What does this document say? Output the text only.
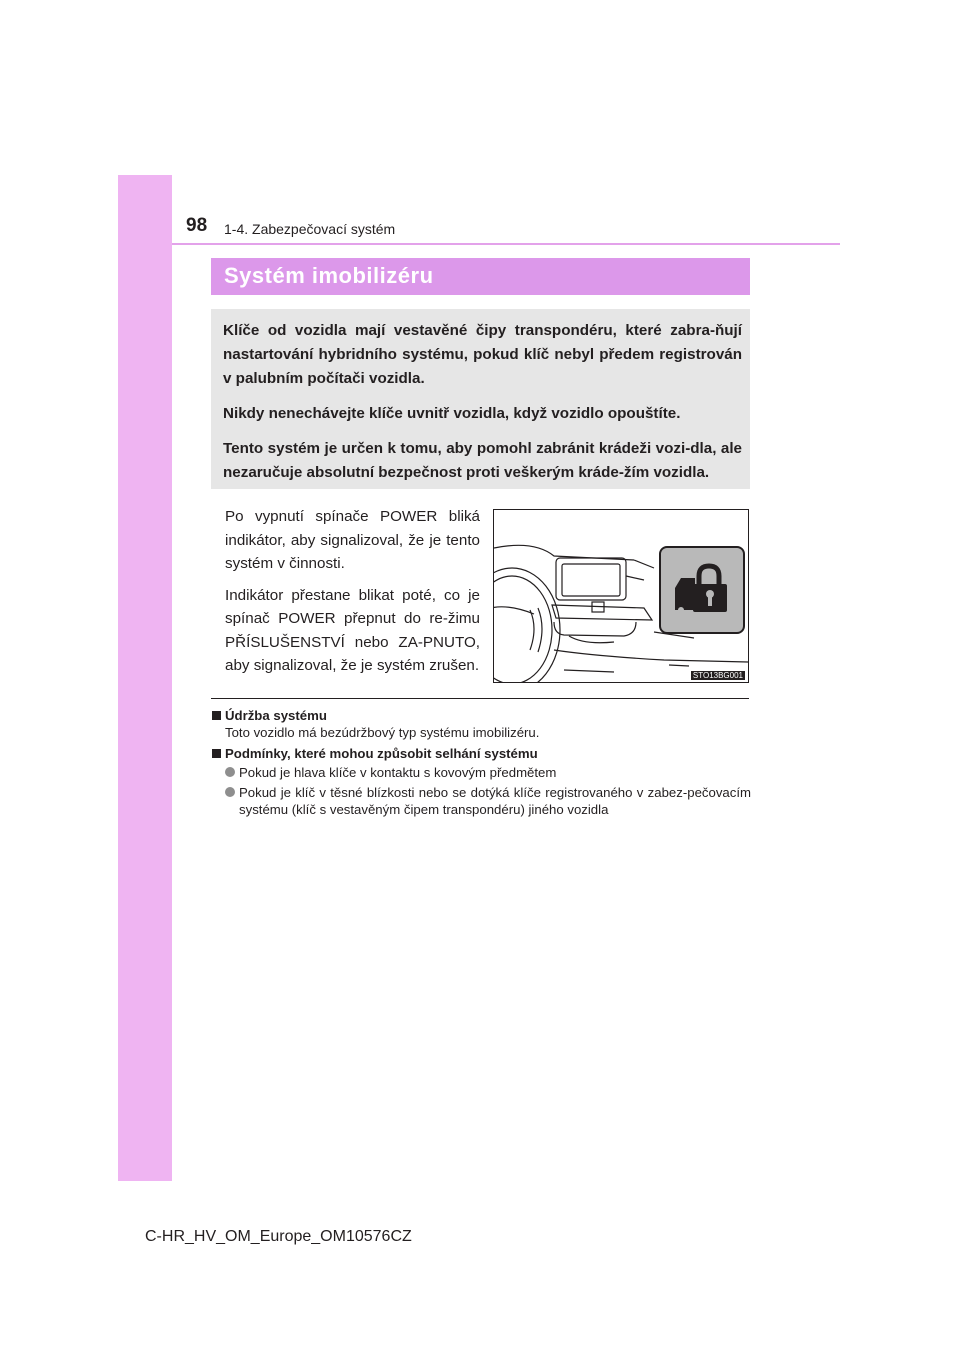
98 1-4. Zabezpečovací systém
Systém imobilizéru

Klíče od vozidla mají vestavěné čipy transpondéru, které zabra-ňují nastartování hybridního systému, pokud klíč nebyl předem registrován v palubním počítači vozidla.

Nikdy nenechávejte klíče uvnitř vozidla, když vozidlo opouštíte.

Tento systém je určen k tomu, aby pomohl zabránit krádeži vozi-dla, ale nezaručuje absolutní bezpečnost proti veškerým kráde-žím vozidla.

Po vypnutí spínače POWER bliká indikátor, aby signalizoval, že je tento systém v činnosti.

Indikátor přestane blikat poté, co je spínač POWER přepnut do re-žimu PŘÍSLUŠENSTVÍ nebo ZA-PNUTO, aby signalizoval, že je systém zrušen.

STO13BG001
Údržba systému
Toto vozidlo má bezúdržbový typ systému imobilizéru.
Podmínky, které mohou způsobit selhání systému
Pokud je hlava klíče v kontaktu s kovovým předmětem
Pokud je klíč v těsné blízkosti nebo se dotýká klíče registrovaného v zabez-pečovacím systému (klíč s vestavěným čipem transpondéru) jiného vozidla
C-HR_HV_OM_Europe_OM10576CZ
